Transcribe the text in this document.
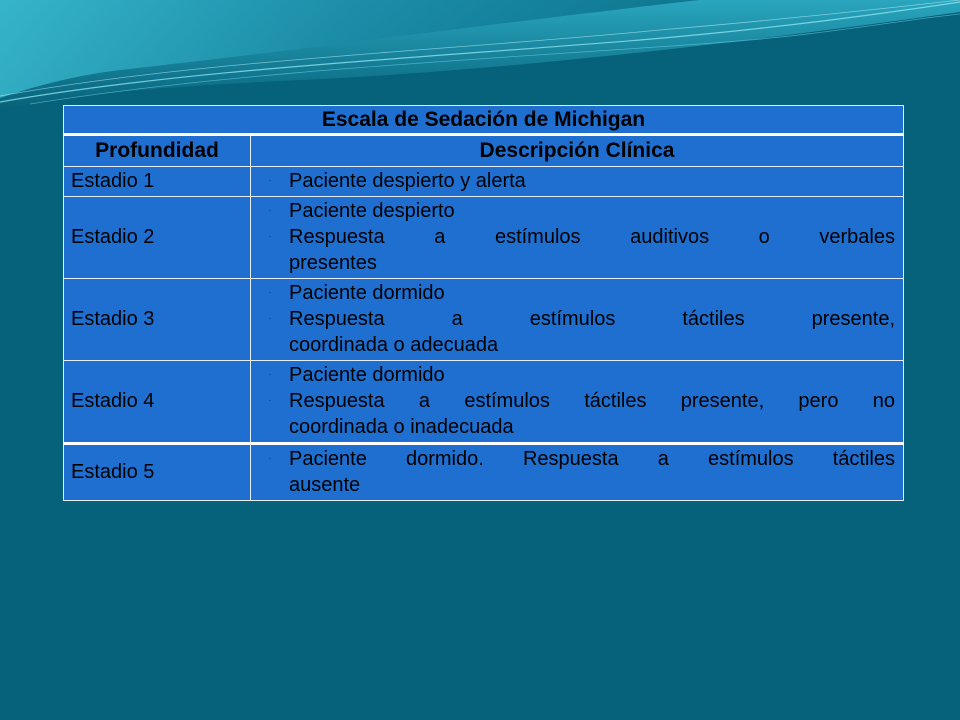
Escala de Sedación de Michigan	
Profundidad	Descripción Clínica
Estadio 1	· Paciente despierto y alerta

Estadio 2	· Paciente despierto
· Respuesta a estímulos auditivos o verbales
presentes

Estadio 3	· Paciente dormido
· Respuesta a estímulos táctiles presente,
coordinada o adecuada

Estadio 4	· Paciente dormido
· Respuesta a estímulos táctiles presente, pero no
coordinada o inadecuada

Estadio 5	· Paciente dormido. Respuesta a estímulos táctiles
ausente
